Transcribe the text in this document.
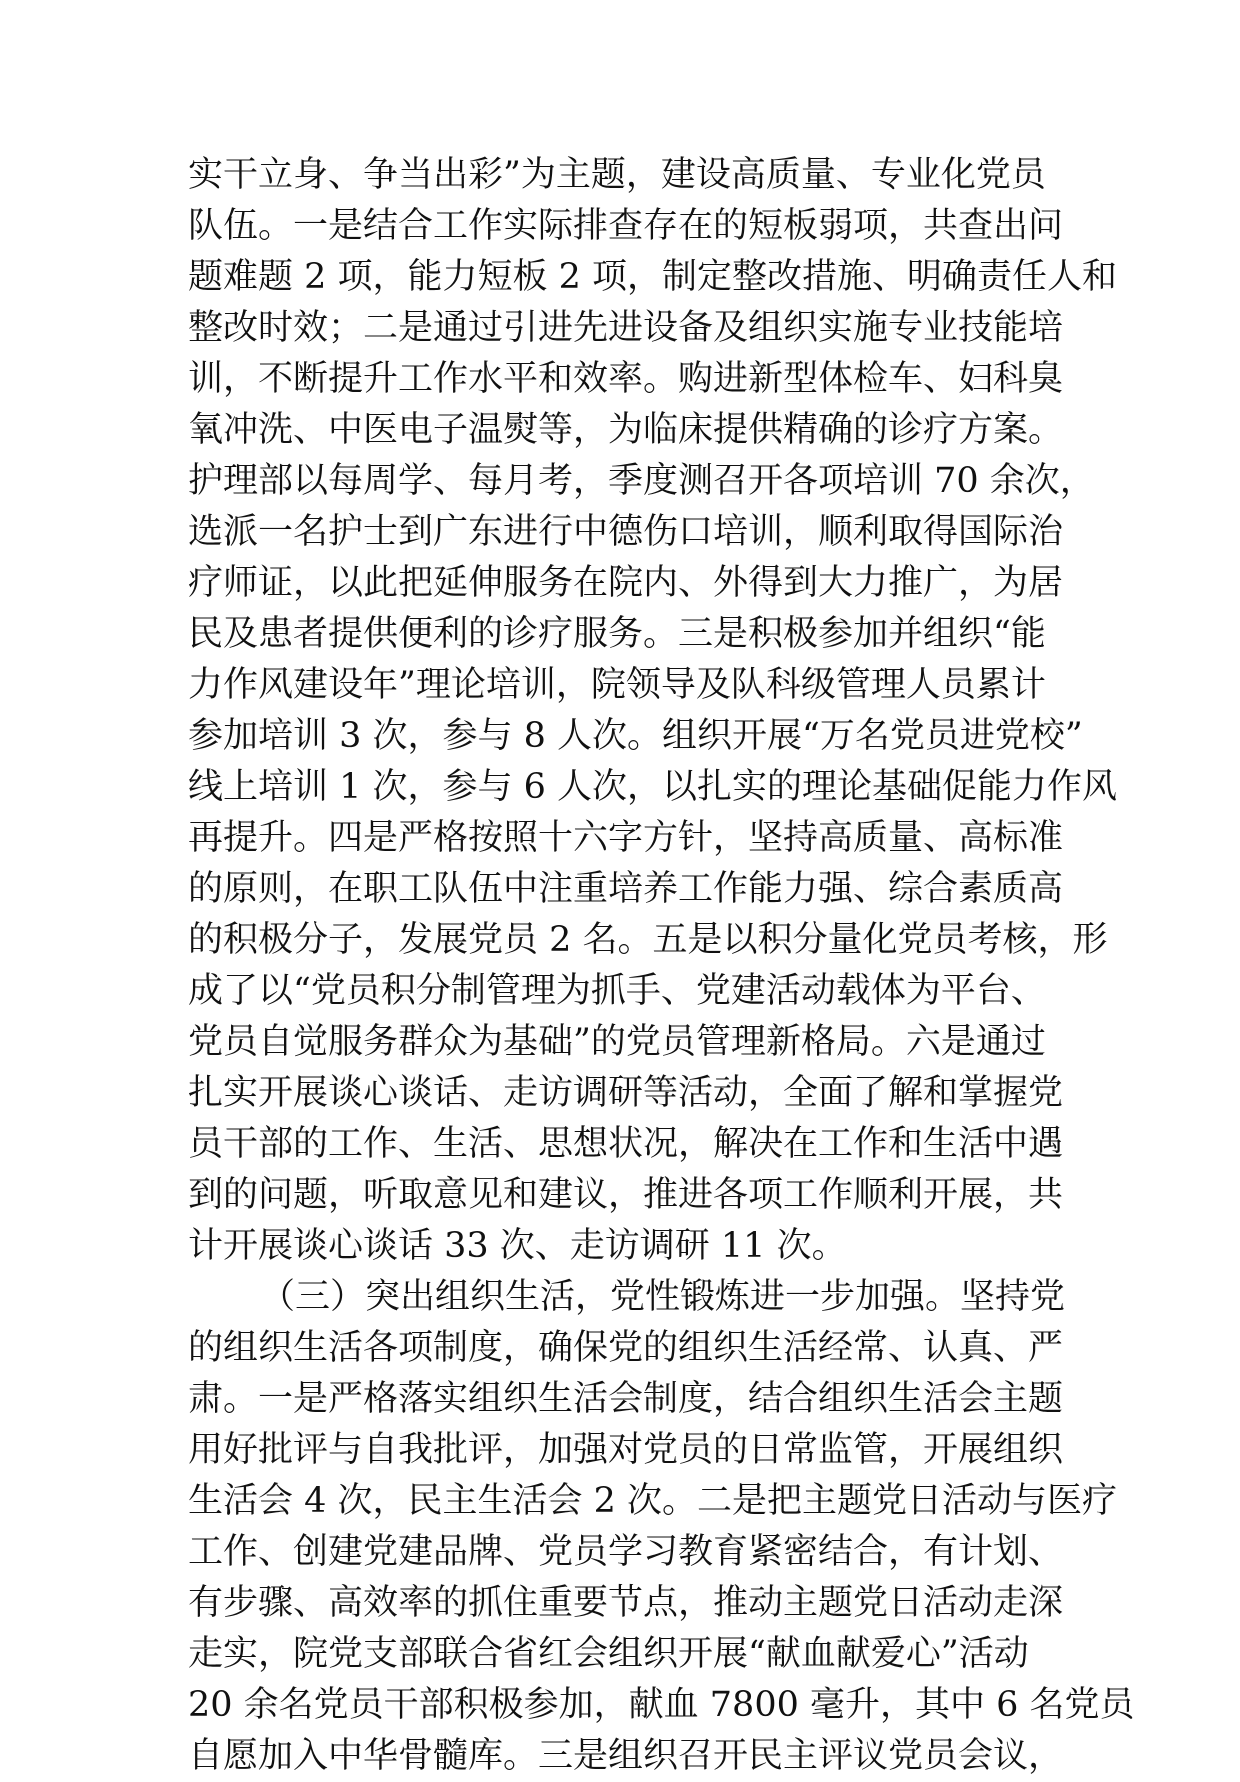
实干立身、争当出彩”为主题，建设高质量、专业化党员
队伍。一是结合工作实际排查存在的短板弱项，共查出问
题难题 2 项，能力短板 2 项，制定整改措施、明确责任人和
整改时效；二是通过引进先进设备及组织实施专业技能培
训，不断提升工作水平和效率。购进新型体检车、妇科臭
氧冲洗、中医电子温熨等，为临床提供精确的诊疗方案。
护理部以每周学、每月考，季度测召开各项培训 70 余次，
选派一名护士到广东进行中德伤口培训，顺利取得国际治
疗师证，以此把延伸服务在院内、外得到大力推广，为居
民及患者提供便利的诊疗服务。三是积极参加并组织“能
力作风建设年”理论培训，院领导及队科级管理人员累计
参加培训 3 次，参与 8 人次。组织开展“万名党员进党校”
线上培训 1 次，参与 6 人次，以扎实的理论基础促能力作风
再提升。四是严格按照十六字方针，坚持高质量、高标准
的原则，在职工队伍中注重培养工作能力强、综合素质高
的积极分子，发展党员 2 名。五是以积分量化党员考核，形
成了以“党员积分制管理为抓手、党建活动载体为平台、
党员自觉服务群众为基础”的党员管理新格局。六是通过
扎实开展谈心谈话、走访调研等活动，全面了解和掌握党
员干部的工作、生活、思想状况，解决在工作和生活中遇
到的问题，听取意见和建议，推进各项工作顺利开展，共
计开展谈心谈话 33 次、走访调研 11 次。
（三）突出组织生活，党性锻炼进一步加强。坚持党
的组织生活各项制度，确保党的组织生活经常、认真、严
肃。一是严格落实组织生活会制度，结合组织生活会主题
用好批评与自我批评，加强对党员的日常监管，开展组织
生活会 4 次，民主生活会 2 次。二是把主题党日活动与医疗
工作、创建党建品牌、党员学习教育紧密结合，有计划、
有步骤、高效率的抓住重要节点，推动主题党日活动走深
走实，院党支部联合省红会组织开展“献血献爱心”活动
20 余名党员干部积极参加，献血 7800 毫升，其中 6 名党员
自愿加入中华骨髓库。三是组织召开民主评议党员会议，
